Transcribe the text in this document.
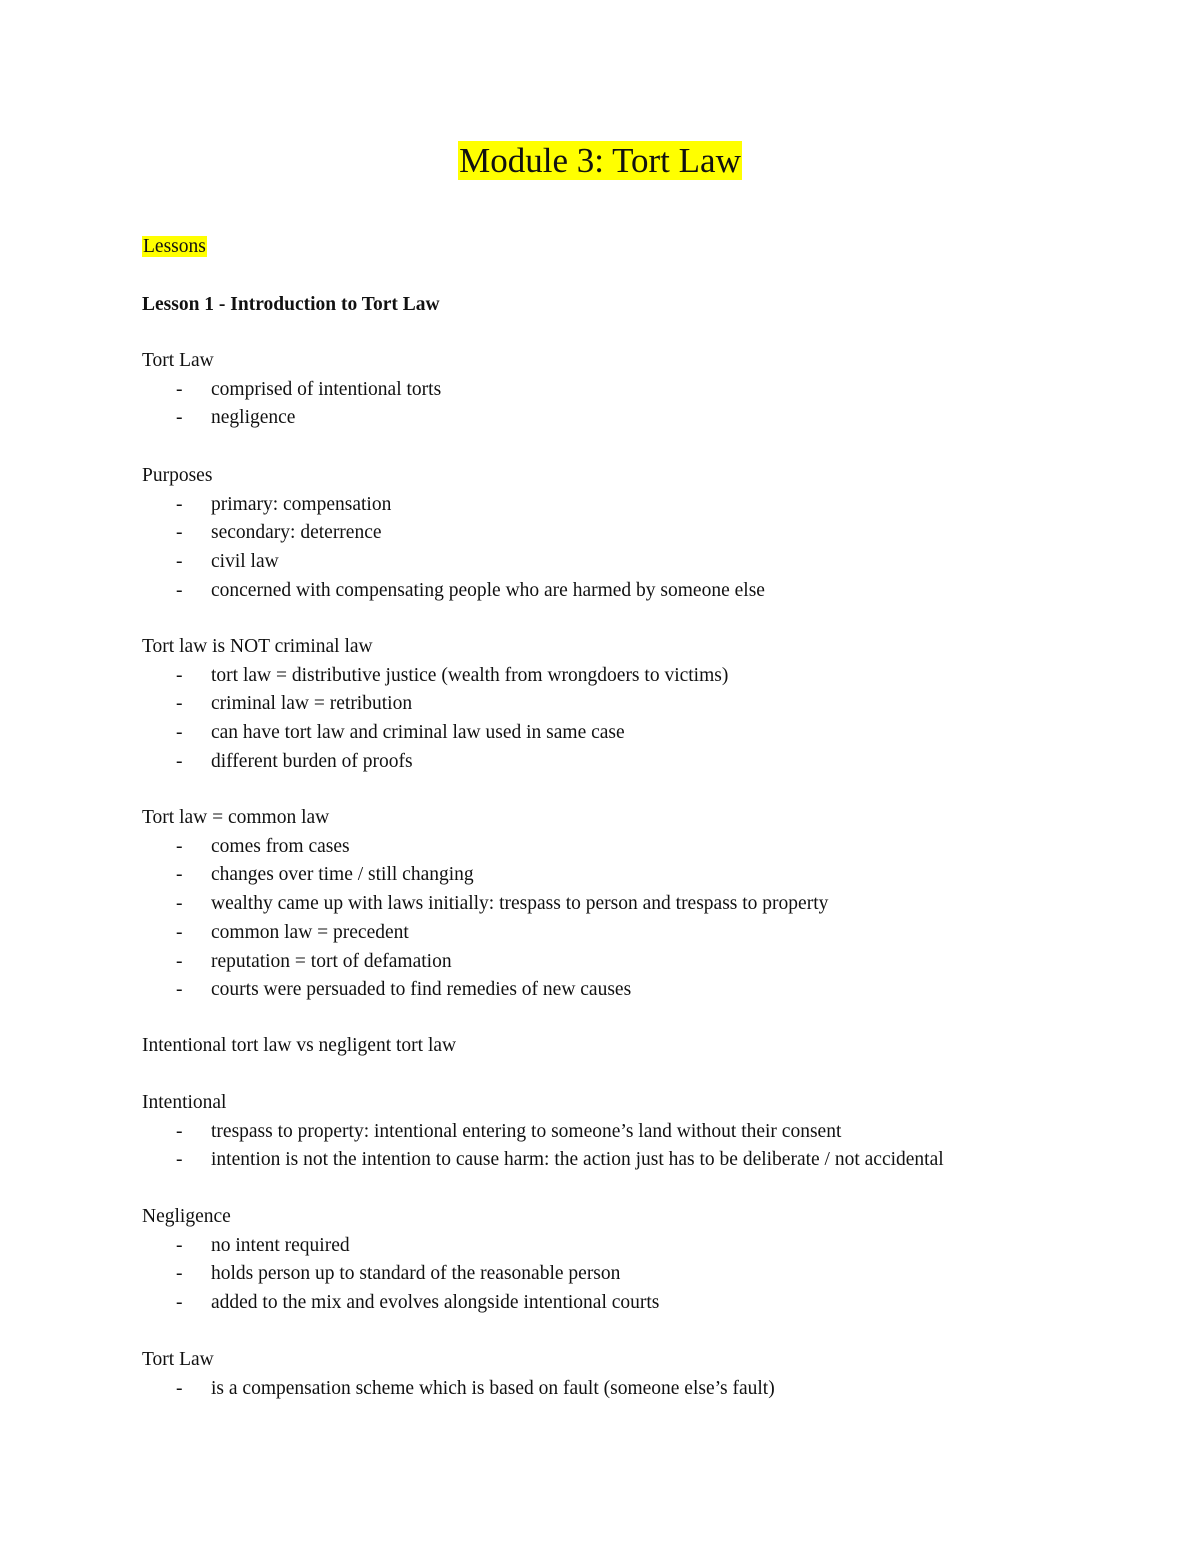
Module 3: Tort Law
Lessons
Lesson 1 - Introduction to Tort Law
Tort Law
- comprised of intentional torts
- negligence
Purposes
- primary: compensation
- secondary: deterrence
- civil law
- concerned with compensating people who are harmed by someone else
Tort law is NOT criminal law
- tort law = distributive justice (wealth from wrongdoers to victims)
- criminal law = retribution
- can have tort law and criminal law used in same case
- different burden of proofs
Tort law = common law
- comes from cases
- changes over time / still changing
- wealthy came up with laws initially: trespass to person and trespass to property
- common law = precedent
- reputation = tort of defamation
- courts were persuaded to find remedies of new causes
Intentional tort law vs negligent tort law
Intentional
- trespass to property: intentional entering to someone’s land without their consent
- intention is not the intention to cause harm: the action just has to be deliberate / not accidental
Negligence
- no intent required
- holds person up to standard of the reasonable person
- added to the mix and evolves alongside intentional courts
Tort Law
- is a compensation scheme which is based on fault (someone else’s fault)
